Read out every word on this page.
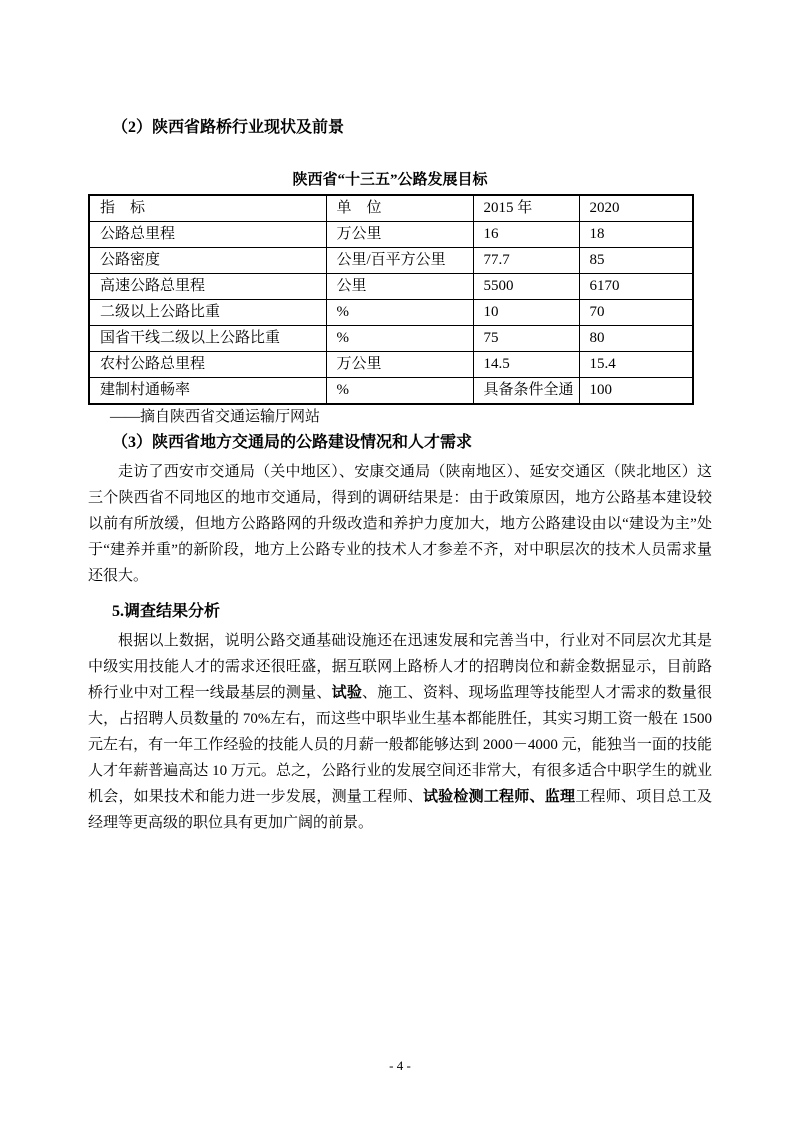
（2）陕西省路桥行业现状及前景
陕西省“十三五”公路发展目标
指　标	单　位	2015 年	2020
公路总里程	万公里	16	18
公路密度	公里/百平方公里	77.7	85
高速公路总里程	公里	5500	6170
二级以上公路比重	%	10	70
国省干线二级以上公路比重	%	75	80
农村公路总里程	万公里	14.5	15.4
建制村通畅率	%	具备条件全通	100
——摘自陕西省交通运输厅网站
（3）陕西省地方交通局的公路建设情况和人才需求
走访了西安市交通局（关中地区）、安康交通局（陕南地区）、延安交通区（陕北地区）这三个陕西省不同地区的地市交通局，得到的调研结果是：由于政策原因，地方公路基本建设较以前有所放缓，但地方公路路网的升级改造和养护力度加大，地方公路建设由以“建设为主”处于“建养并重”的新阶段，地方上公路专业的技术人才参差不齐，对中职层次的技术人员需求量还很大。
5.调查结果分析
根据以上数据，说明公路交通基础设施还在迅速发展和完善当中，行业对不同层次尤其是中级实用技能人才的需求还很旺盛，据互联网上路桥人才的招聘岗位和薪金数据显示，目前路桥行业中对工程一线最基层的测量、试验、施工、资料、现场监理等技能型人才需求的数量很大，占招聘人员数量的 70%左右，而这些中职毕业生基本都能胜任，其实习期工资一般在 1500 元左右，有一年工作经验的技能人员的月薪一般都能够达到 2000－4000 元，能独当一面的技能人才年薪普遍高达 10 万元。总之，公路行业的发展空间还非常大，有很多适合中职学生的就业机会，如果技术和能力进一步发展，测量工程师、试验检测工程师、监理工程师、项目总工及经理等更高级的职位具有更加广阔的前景。
- 4 -
